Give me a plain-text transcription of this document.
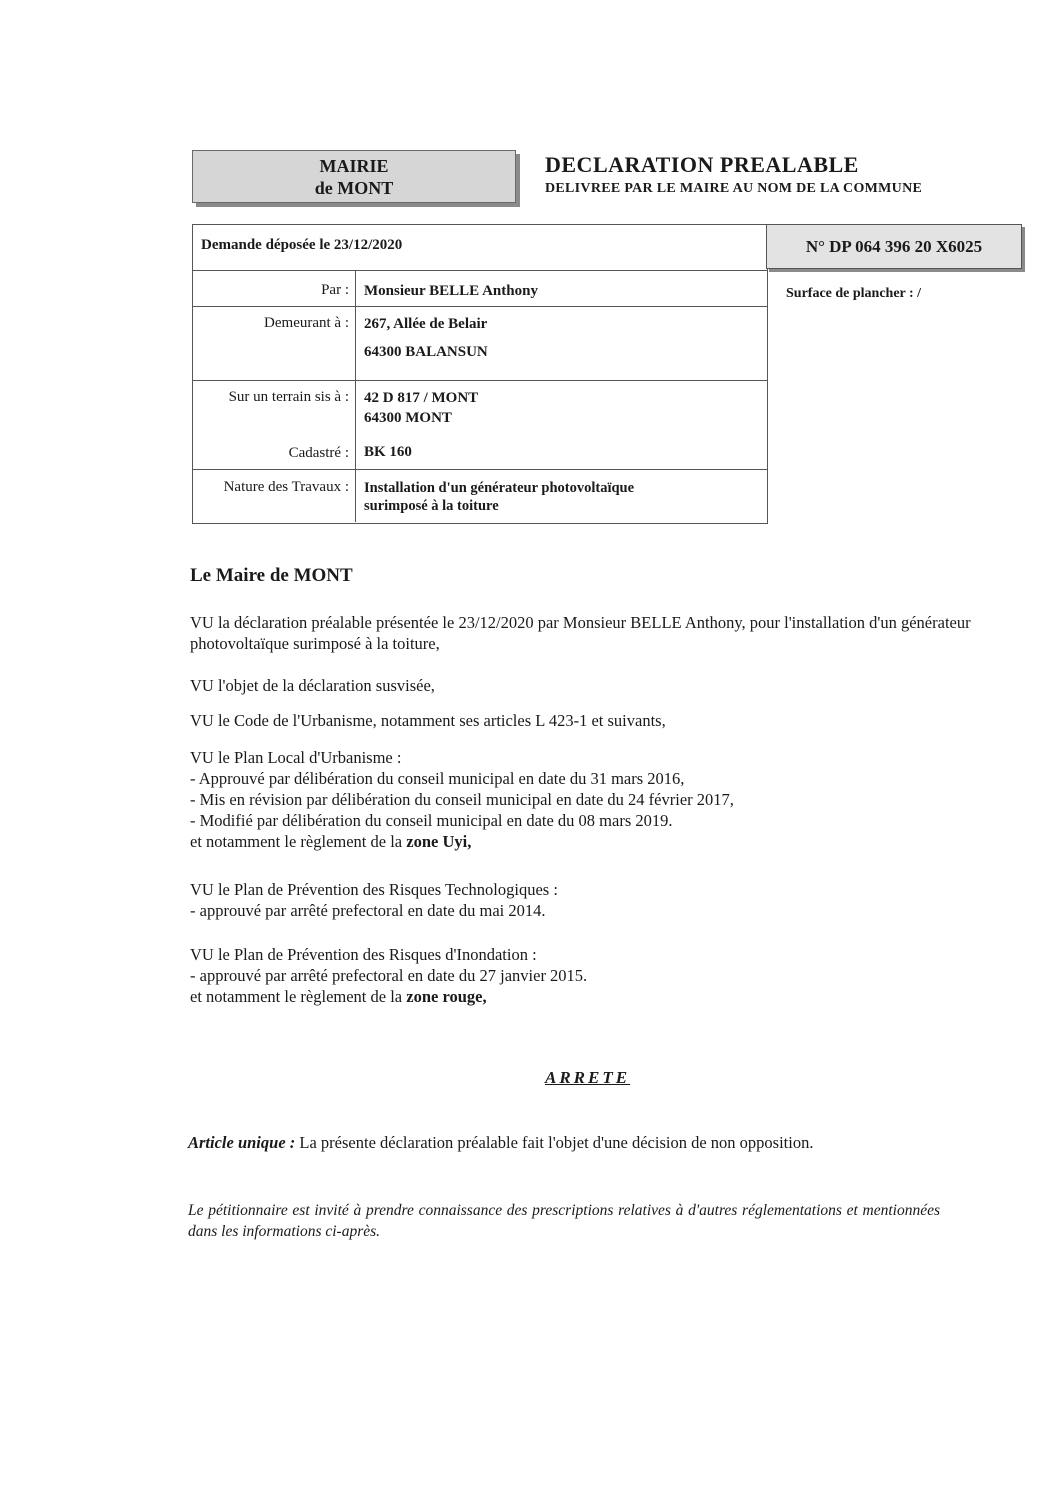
MAIRIE
de MONT
DECLARATION PREALABLE
DELIVREE PAR LE MAIRE AU NOM DE LA COMMUNE
Demande déposée le 23/12/2020
Par : Monsieur BELLE Anthony
Demeurant à : 267, Allée de Belair
64300 BALANSUN
Sur un terrain sis à : 42 D 817 / MONT
64300 MONT
Cadastré : BK 160
Nature des Travaux : Installation d'un générateur photovoltaïque
surimposé à la toiture
N° DP 064 396 20 X6025
Surface de plancher : /
Le Maire de MONT
VU la déclaration préalable présentée le 23/12/2020 par Monsieur BELLE Anthony, pour l'installation d'un générateur photovoltaïque surimposé à la toiture,
VU l'objet de la déclaration susvisée,
VU le Code de l'Urbanisme, notamment ses articles L 423-1 et suivants,
VU le Plan Local d'Urbanisme :
- Approuvé par délibération du conseil municipal en date du 31 mars 2016,
- Mis en révision par délibération du conseil municipal en date du 24 février 2017,
- Modifié par délibération du conseil municipal en date du 08 mars 2019.
et notamment le règlement de la zone Uyi,
VU le Plan de Prévention des Risques Technologiques :
- approuvé par arrêté prefectoral en date du mai 2014.
VU le Plan de Prévention des Risques d'Inondation :
- approuvé par arrêté prefectoral en date du 27 janvier 2015.
et notamment le règlement de la zone rouge,
ARRETE
Article unique : La présente déclaration préalable fait l'objet d'une décision de non opposition.
Le pétitionnaire est invité à prendre connaissance des prescriptions relatives à d'autres réglementations et mentionnées dans les informations ci-après.
